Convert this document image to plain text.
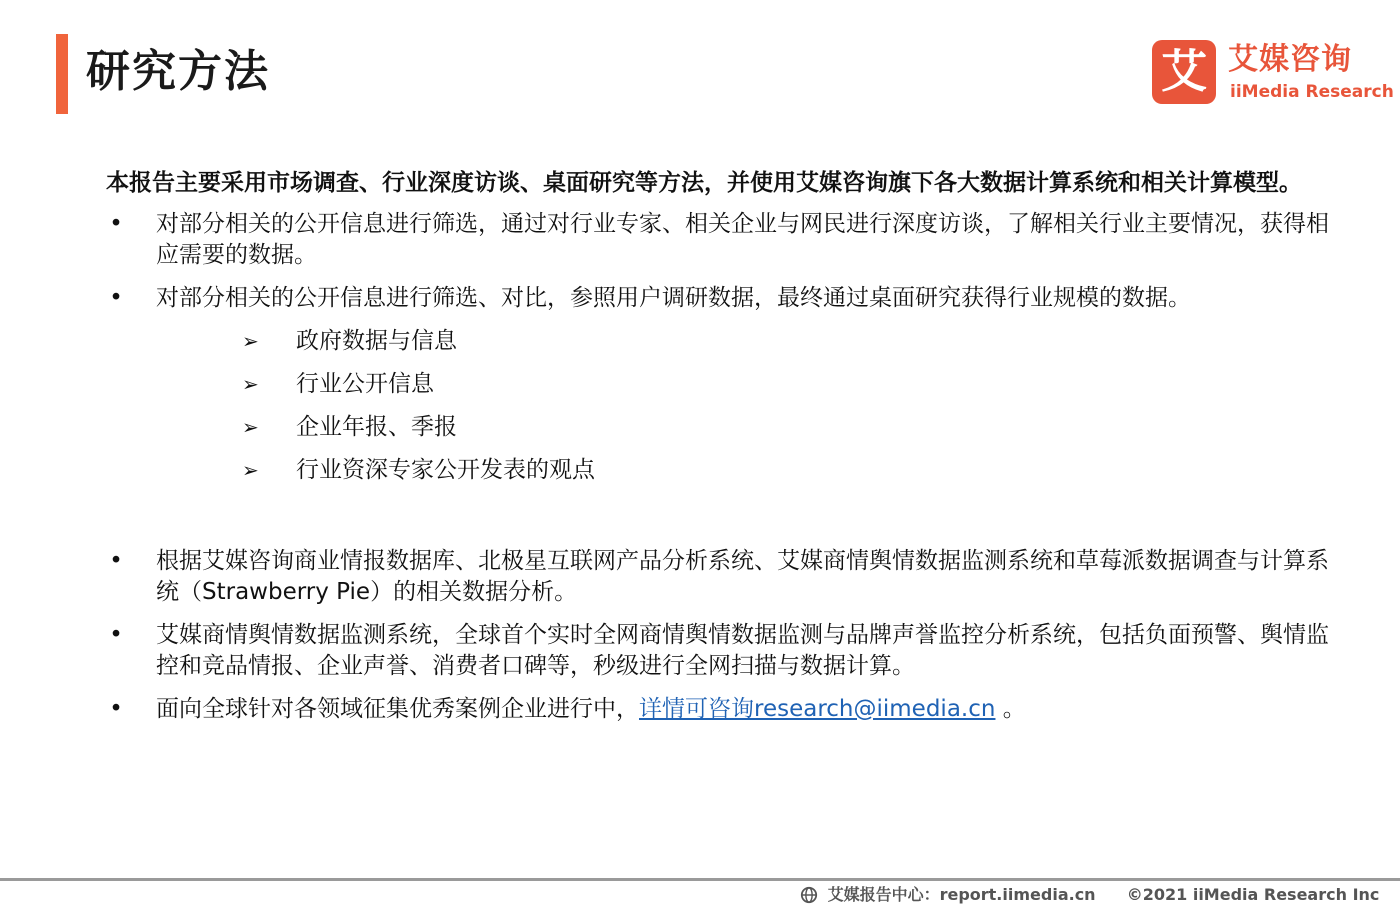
研究方法	艾 艾媒咨询
iiMedia Research

本报告主要采用市场调查、行业深度访谈、桌面研究等方法，并使用艾媒咨询旗下各大数据计算系统和相关计算模型。

• 对部分相关的公开信息进行筛选，通过对行业专家、相关企业与网民进行深度访谈，了解相关行业主要情况，获得相应需要的数据。
• 对部分相关的公开信息进行筛选、对比，参照用户调研数据，最终通过桌面研究获得行业规模的数据。
➢ 政府数据与信息
➢ 行业公开信息
➢ 企业年报、季报
➢ 行业资深专家公开发表的观点
• 根据艾媒咨询商业情报数据库、北极星互联网产品分析系统、艾媒商情舆情数据监测系统和草莓派数据调查与计算系统（Strawberry Pie）的相关数据分析。
• 艾媒商情舆情数据监测系统，全球首个实时全网商情舆情数据监测与品牌声誉监控分析系统，包括负面预警、舆情监控和竞品情报、企业声誉、消费者口碑等，秒级进行全网扫描与数据计算。
• 面向全球针对各领域征集优秀案例企业进行中，详情可咨询research@iimedia.cn 。
艾媒报告中心：report.iimedia.cn ©2021 iiMedia Research Inc
